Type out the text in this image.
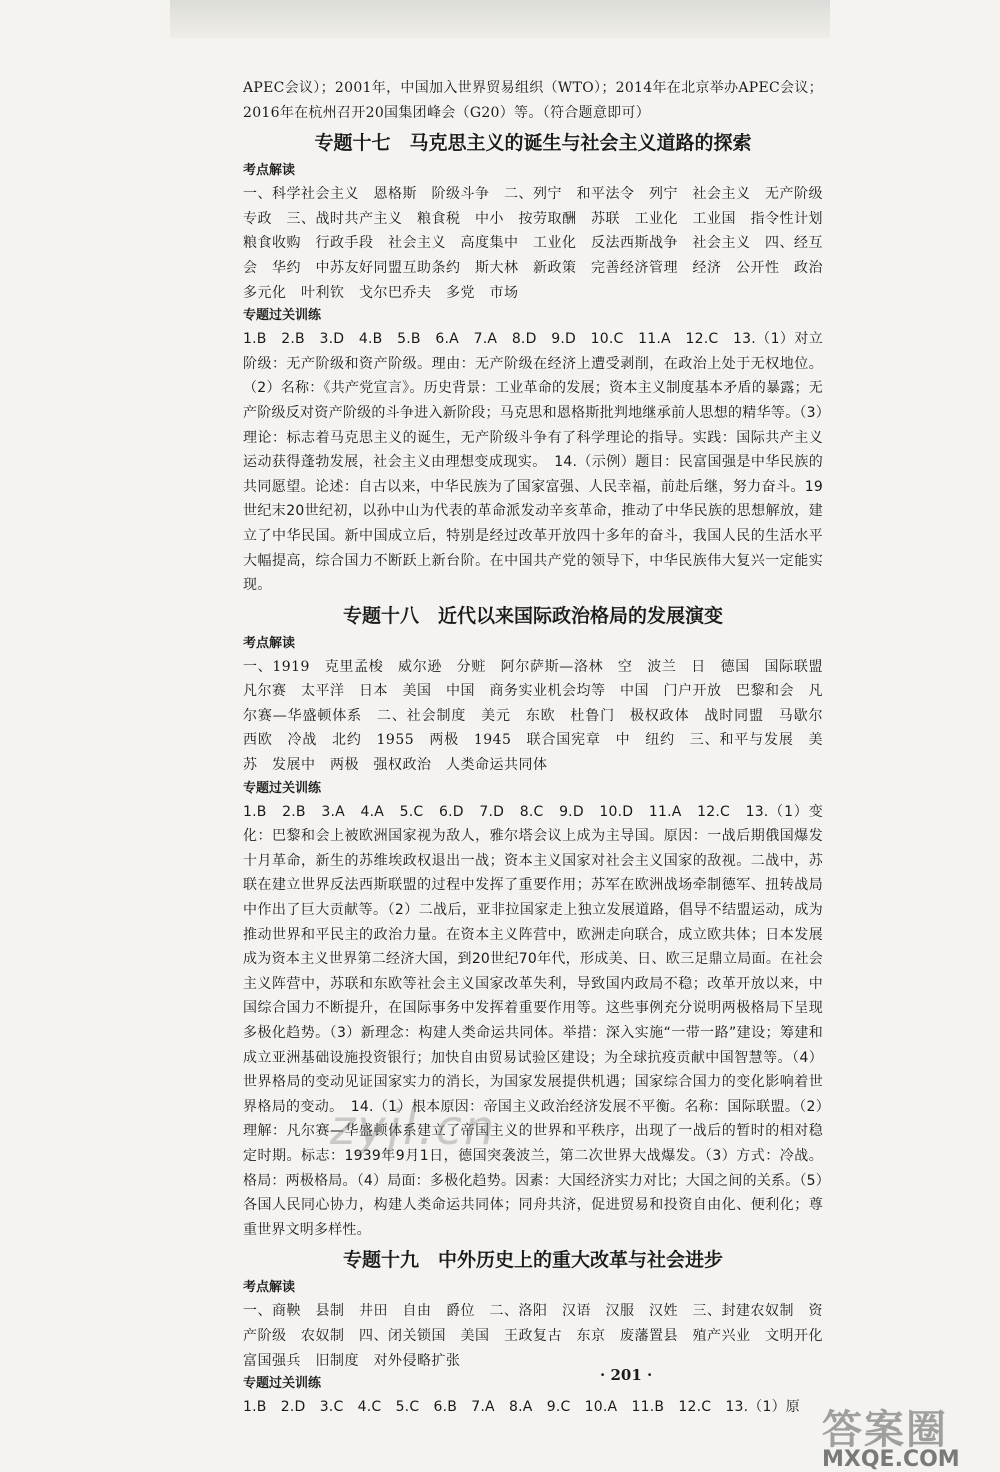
APEC会议）；2001年，中国加入世界贸易组织（WTO）；2014年在北京举办APEC会议；2016年在杭州召开20国集团峰会（G20）等。（符合题意即可）

专题十七　马克思主义的诞生与社会主义道路的探索
考点解读

一、科学社会主义　恩格斯　阶级斗争　二、列宁　和平法令　列宁　社会主义　无产阶级专政　三、战时共产主义　粮食税　中小　按劳取酬　苏联　工业化　工业国　指令性计划　粮食收购　行政手段　社会主义　高度集中　工业化　反法西斯战争　社会主义　四、经互会　华约　中苏友好同盟互助条约　斯大林　新政策　完善经济管理　经济　公开性　政治多元化　叶利钦　戈尔巴乔夫　多党　市场

专题过关训练

1.B　2.B　3.D　4.B　5.B　6.A　7.A　8.D　9.D　10.C　11.A　12.C　13.（1）对立阶级：无产阶级和资产阶级。理由：无产阶级在经济上遭受剥削，在政治上处于无权地位。（2）名称：《共产党宣言》。历史背景：工业革命的发展；资本主义制度基本矛盾的暴露；无产阶级反对资产阶级的斗争进入新阶段；马克思和恩格斯批判地继承前人思想的精华等。（3）理论：标志着马克思主义的诞生，无产阶级斗争有了科学理论的指导。实践：国际共产主义运动获得蓬勃发展，社会主义由理想变成现实。　14.（示例）题目：民富国强是中华民族的共同愿望。论述：自古以来，中华民族为了国家富强、人民幸福，前赴后继，努力奋斗。19世纪末20世纪初，以孙中山为代表的革命派发动辛亥革命，推动了中华民族的思想解放，建立了中华民国。新中国成立后，特别是经过改革开放四十多年的奋斗，我国人民的生活水平大幅提高，综合国力不断跃上新台阶。在中国共产党的领导下，中华民族伟大复兴一定能实现。

专题十八　近代以来国际政治格局的发展演变
考点解读

一、1919　克里孟梭　威尔逊　分赃　阿尔萨斯—洛林　空　波兰　日　德国　国际联盟　凡尔赛　太平洋　日本　美国　中国　商务实业机会均等　中国　门户开放　巴黎和会　凡尔赛—华盛顿体系　二、社会制度　美元　东欧　杜鲁门　极权政体　战时同盟　马歇尔　西欧　冷战　北约　1955　两极　1945　联合国宪章　中　纽约　三、和平与发展　美苏　发展中　两极　强权政治　人类命运共同体

专题过关训练

1.B　2.B　3.A　4.A　5.C　6.D　7.D　8.C　9.D　10.D　11.A　12.C　13.（1）变化：巴黎和会上被欧洲国家视为敌人，雅尔塔会议上成为主导国。原因：一战后期俄国爆发十月革命，新生的苏维埃政权退出一战；资本主义国家对社会主义国家的敌视。二战中，苏联在建立世界反法西斯联盟的过程中发挥了重要作用；苏军在欧洲战场牵制德军、扭转战局中作出了巨大贡献等。（2）二战后，亚非拉国家走上独立发展道路，倡导不结盟运动，成为推动世界和平民主的政治力量。在资本主义阵营中，欧洲走向联合，成立欧共体；日本发展成为资本主义世界第二经济大国，到20世纪70年代，形成美、日、欧三足鼎立局面。在社会主义阵营中，苏联和东欧等社会主义国家改革失利，导致国内政局不稳；改革开放以来，中国综合国力不断提升，在国际事务中发挥着重要作用等。这些事例充分说明两极格局下呈现多极化趋势。（3）新理念：构建人类命运共同体。举措：深入实施“一带一路”建设；筹建和成立亚洲基础设施投资银行；加快自由贸易试验区建设；为全球抗疫贡献中国智慧等。（4）世界格局的变动见证国家实力的消长，为国家发展提供机遇；国家综合国力的变化影响着世界格局的变动。　14.（1）根本原因：帝国主义政治经济发展不平衡。名称：国际联盟。（2）理解：凡尔赛—华盛顿体系建立了帝国主义的世界和平秩序，出现了一战后的暂时的相对稳定时期。标志：1939年9月1日，德国突袭波兰，第二次世界大战爆发。（3）方式：冷战。格局：两极格局。（4）局面：多极化趋势。因素：大国经济实力对比；大国之间的关系。（5）各国人民同心协力，构建人类命运共同体；同舟共济，促进贸易和投资自由化、便利化；尊重世界文明多样性。

专题十九　中外历史上的重大改革与社会进步
考点解读

一、商鞅　县制　井田　自由　爵位　二、洛阳　汉语　汉服　汉姓　三、封建农奴制　资产阶级　农奴制　四、闭关锁国　美国　王政复古　东京　废藩置县　殖产兴业　文明开化　富国强兵　旧制度　对外侵略扩张

专题过关训练

1.B　2.D　3.C　4.C　5.C　6.B　7.A　8.A　9.C　10.A　11.B　12.C　13.（1）原

zyjl.cn
· 201 ·
答案圈
MXQE.COM
